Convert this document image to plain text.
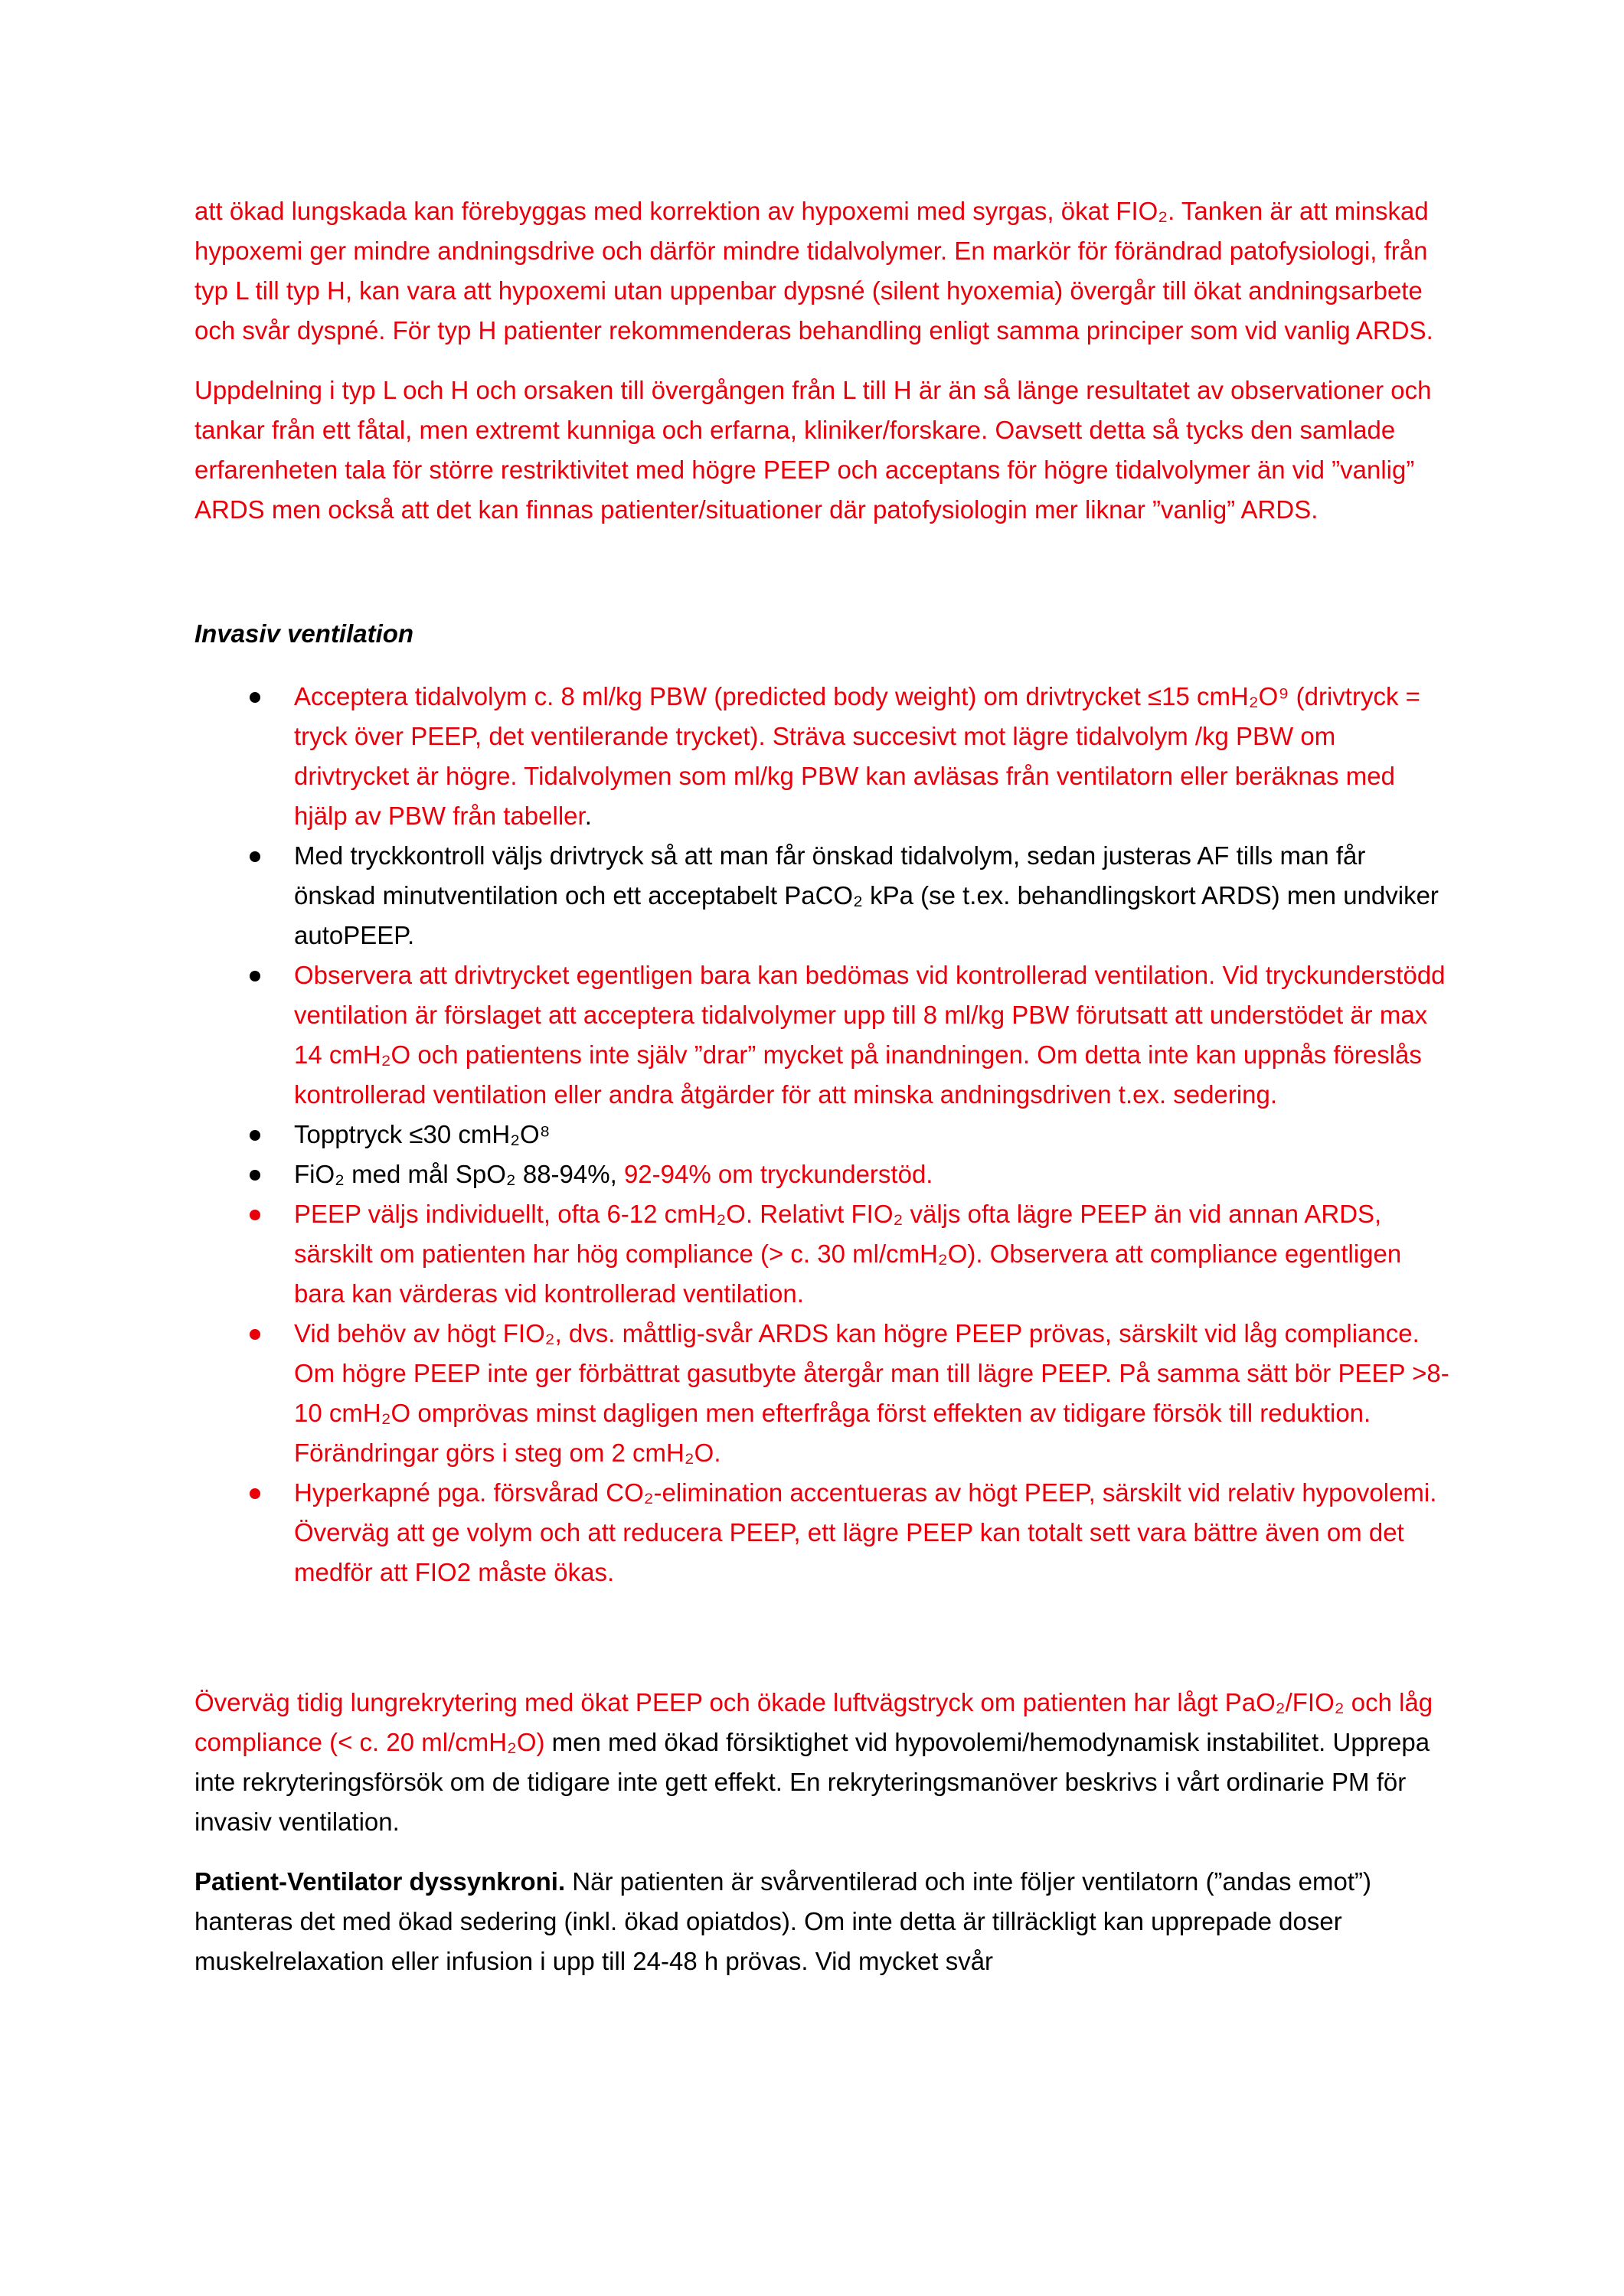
att ökad lungskada kan förebyggas med korrektion av hypoxemi med syrgas, ökat FIO₂. Tanken är att minskad hypoxemi ger mindre andningsdrive och därför mindre tidalvolymer. En markör för förändrad patofysiologi, från typ L till typ H, kan vara att hypoxemi utan uppenbar dypsné (silent hyoxemia) övergår till ökat andningsarbete och svår dyspné. För typ H patienter rekommenderas behandling enligt samma principer som vid vanlig ARDS.

Uppdelning i typ L och H och orsaken till övergången från L till H är än så länge resultatet av observationer och tankar från ett fåtal, men extremt kunniga och erfarna, kliniker/forskare. Oavsett detta så tycks den samlade erfarenheten tala för större restriktivitet med högre PEEP och acceptans för högre tidalvolymer än vid ”vanlig” ARDS men också att det kan finnas patienter/situationer där patofysiologin mer liknar ”vanlig” ARDS.

Invasiv ventilation

Acceptera tidalvolym c. 8 ml/kg PBW (predicted body weight) om drivtrycket ≤15 cmH₂O⁹ (drivtryck = tryck över PEEP, det ventilerande trycket). Sträva succesivt mot lägre tidalvolym /kg PBW om drivtrycket är högre. Tidalvolymen som ml/kg PBW kan avläsas från ventilatorn eller beräknas med hjälp av PBW från tabeller.
Med tryckkontroll väljs drivtryck så att man får önskad tidalvolym, sedan justeras AF tills man får önskad minutventilation och ett acceptabelt PaCO₂ kPa (se t.ex. behandlingskort ARDS) men undviker autoPEEP.
Observera att drivtrycket egentligen bara kan bedömas vid kontrollerad ventilation. Vid tryckunderstödd ventilation är förslaget att acceptera tidalvolymer upp till 8 ml/kg PBW förutsatt att understödet är max 14 cmH₂O och patientens inte själv ”drar” mycket på inandningen. Om detta inte kan uppnås föreslås kontrollerad ventilation eller andra åtgärder för att minska andningsdriven t.ex. sedering.
Topptryck ≤30 cmH₂O⁸
FiO₂ med mål SpO₂ 88-94%, 92-94% om tryckunderstöd.
PEEP väljs individuellt, ofta 6-12 cmH₂O. Relativt FIO₂ väljs ofta lägre PEEP än vid annan ARDS, särskilt om patienten har hög compliance (> c. 30 ml/cmH₂O). Observera att compliance egentligen bara kan värderas vid kontrollerad ventilation.
Vid behöv av högt FIO₂, dvs. måttlig-svår ARDS kan högre PEEP prövas, särskilt vid låg compliance. Om högre PEEP inte ger förbättrat gasutbyte återgår man till lägre PEEP. På samma sätt bör PEEP >8-10 cmH₂O omprövas minst dagligen men efterfråga först effekten av tidigare försök till reduktion. Förändringar görs i steg om 2 cmH₂O.
Hyperkapné pga. försvårad CO₂-elimination accentueras av högt PEEP, särskilt vid relativ hypovolemi. Överväg att ge volym och att reducera PEEP, ett lägre PEEP kan totalt sett vara bättre även om det medför att FIO2 måste ökas.

Överväg tidig lungrekrytering med ökat PEEP och ökade luftvägstryck om patienten har lågt PaO₂/FIO₂ och låg compliance (< c. 20 ml/cmH₂O) men med ökad försiktighet vid hypovolemi/hemodynamisk instabilitet. Upprepa inte rekryteringsförsök om de tidigare inte gett effekt. En rekryteringsmanöver beskrivs i vårt ordinarie PM för invasiv ventilation.

Patient-Ventilator dyssynkroni. När patienten är svårventilerad och inte följer ventilatorn (”andas emot”) hanteras det med ökad sedering (inkl. ökad opiatdos). Om inte detta är tillräckligt kan upprepade doser muskelrelaxation eller infusion i upp till 24-48 h prövas. Vid mycket svår
